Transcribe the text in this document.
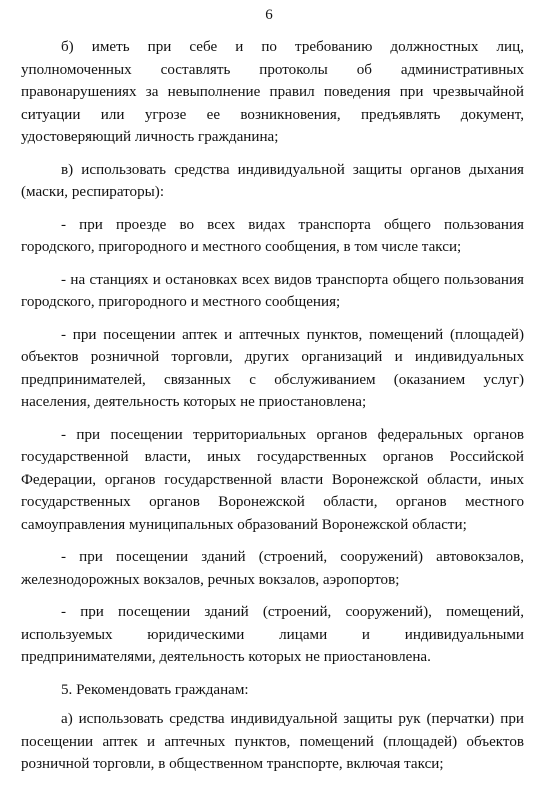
6

б) иметь при себе и по требованию должностных лиц, уполномоченных составлять протоколы об административных правонарушениях за невыполнение правил поведения при чрезвычайной ситуации или угрозе ее возникновения, предъявлять документ, удостоверяющий личность гражданина;

в) использовать средства индивидуальной защиты органов дыхания (маски, респираторы):

- при проезде во всех видах транспорта общего пользования городского, пригородного и местного сообщения, в том числе такси;

- на станциях и остановках всех видов транспорта общего пользования городского, пригородного и местного сообщения;

- при посещении аптек и аптечных пунктов, помещений (площадей) объектов розничной торговли, других организаций и индивидуальных предпринимателей, связанных с обслуживанием (оказанием услуг) населения, деятельность которых не приостановлена;

- при посещении территориальных органов федеральных органов государственной власти, иных государственных органов Российской Федерации, органов государственной власти Воронежской области, иных государственных органов Воронежской области, органов местного самоуправления муниципальных образований Воронежской области;

- при посещении зданий (строений, сооружений) автовокзалов, железнодорожных вокзалов, речных вокзалов, аэропортов;

- при посещении зданий (строений, сооружений), помещений, используемых юридическими лицами и индивидуальными предпринимателями, деятельность которых не приостановлена.

5. Рекомендовать гражданам:

а) использовать средства индивидуальной защиты рук (перчатки) при посещении аптек и аптечных пунктов, помещений (площадей) объектов розничной торговли, в общественном транспорте, включая такси;
